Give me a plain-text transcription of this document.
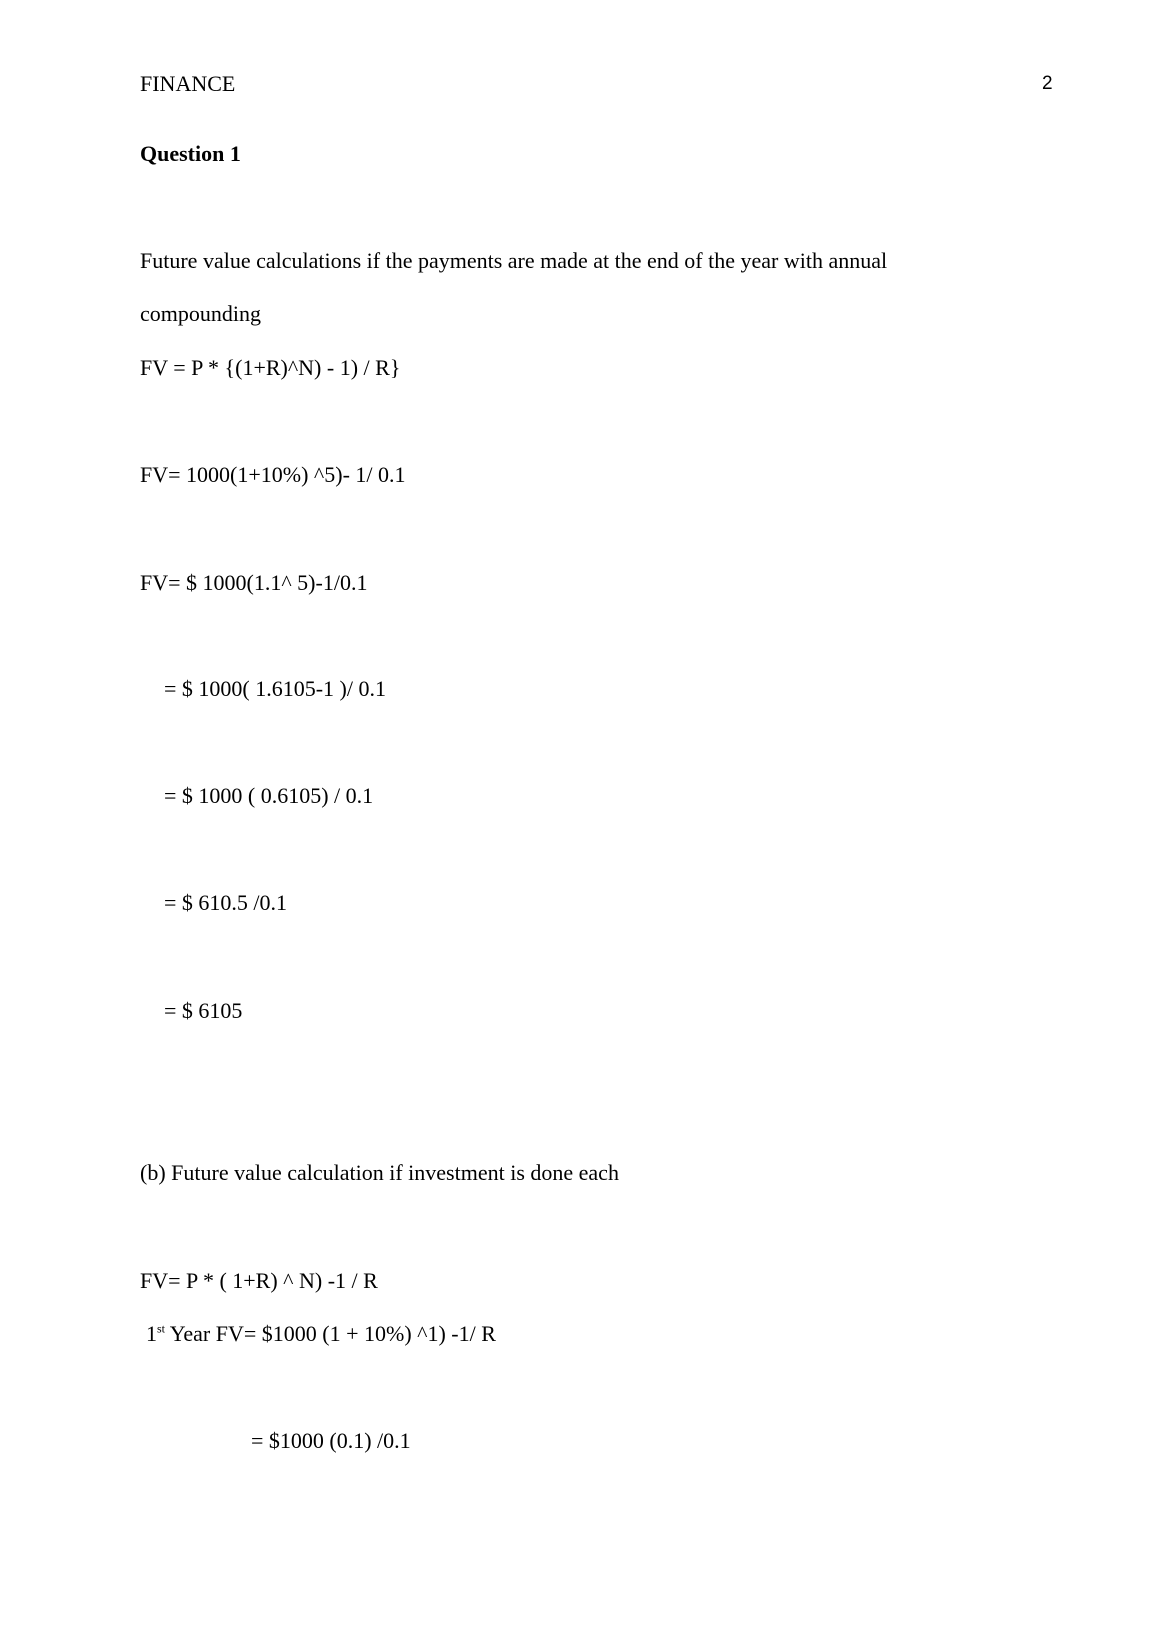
FINANCE	2
Question 1
Future value calculations if the payments are made at the end of the year with annual
compounding
FV = P * {(1+R)^N) - 1) / R}
FV= 1000(1+10%) ^5)- 1/ 0.1
FV= $ 1000(1.1^ 5)-1/0.1
= $ 1000( 1.6105-1 )/ 0.1
= $ 1000 ( 0.6105) / 0.1
= $ 610.5 /0.1
= $ 6105
(b) Future value calculation if investment is done each
FV= P * ( 1+R) ^ N) -1 / R
1st Year FV= $1000 (1 + 10%) ^1) -1/ R
= $1000 (0.1) /0.1
